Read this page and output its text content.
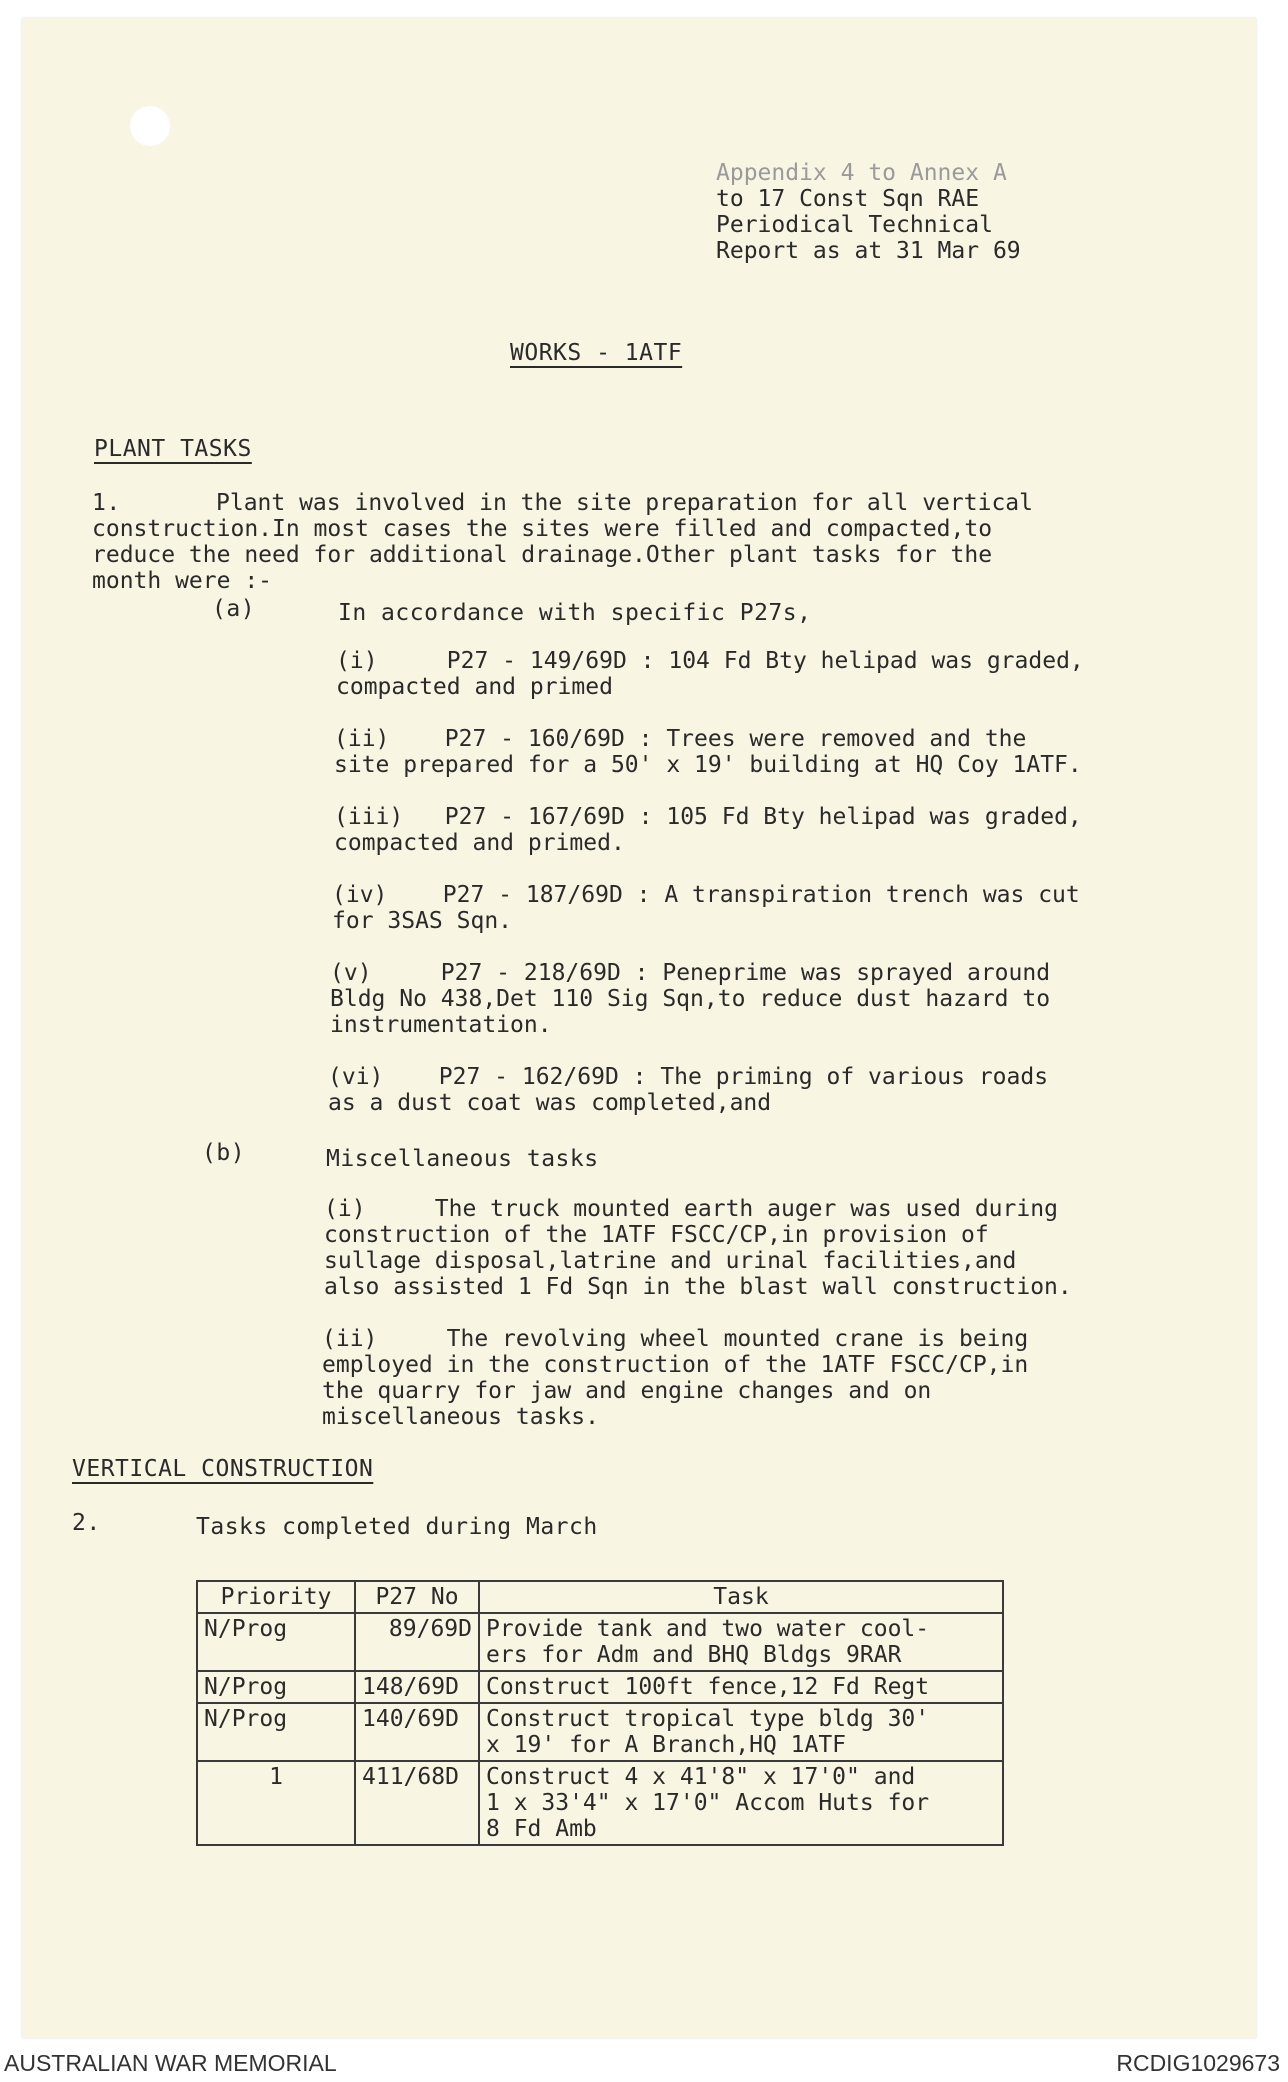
Appendix 4 to Annex A
to 17 Const Sqn RAE
Periodical Technical
Report as at 31 Mar 69
WORKS - 1ATF
PLANT TASKS
1.	Plant was involved in the site preparation for all vertical
construction.In most cases the sites were filled and compacted,to
reduce the need for additional drainage.Other plant tasks for the
month were :-
(a)	In accordance with specific P27s,
(i)	P27 - 149/69D : 104 Fd Bty helipad was graded,
compacted and primed
(ii) P27 - 160/69D : Trees were removed and the
site prepared for a 50' x 19' building at HQ Coy 1ATF.
(iii) P27 - 167/69D : 105 Fd Bty helipad was graded,
compacted and primed.
(iv) P27 - 187/69D : A transpiration trench was cut
for 3SAS Sqn.
(v)	P27 - 218/69D : Peneprime was sprayed around
Bldg No 438,Det 110 Sig Sqn,to reduce dust hazard to
instrumentation.
(vi) P27 - 162/69D : The priming of various roads
as a dust coat was completed,and
(b)	Miscellaneous tasks
(i)	The truck mounted earth auger was used during
construction of the 1ATF FSCC/CP,in provision of
sullage disposal,latrine and urinal facilities,and
also assisted 1 Fd Sqn in the blast wall construction.
(ii)	The revolving wheel mounted crane is being
employed in the construction of the 1ATF FSCC/CP,in
the quarry for jaw and engine changes and on
miscellaneous tasks.
VERTICAL CONSTRUCTION
2.	Tasks completed during March
Priority	P27 No	Task
N/Prog	89/69D	Provide tank and two water cool-
ers for Adm and BHQ Bldgs 9RAR
N/Prog	148/69D	Construct 100ft fence,12 Fd Regt
N/Prog	140/69D	Construct tropical type bldg 30'
x 19' for A Branch,HQ 1ATF
1	411/68D	Construct 4 x 41'8" x 17'0" and
1 x 33'4" x 17'0" Accom Huts for
8 Fd Amb
AUSTRALIAN WAR MEMORIAL	RCDIG1029673
